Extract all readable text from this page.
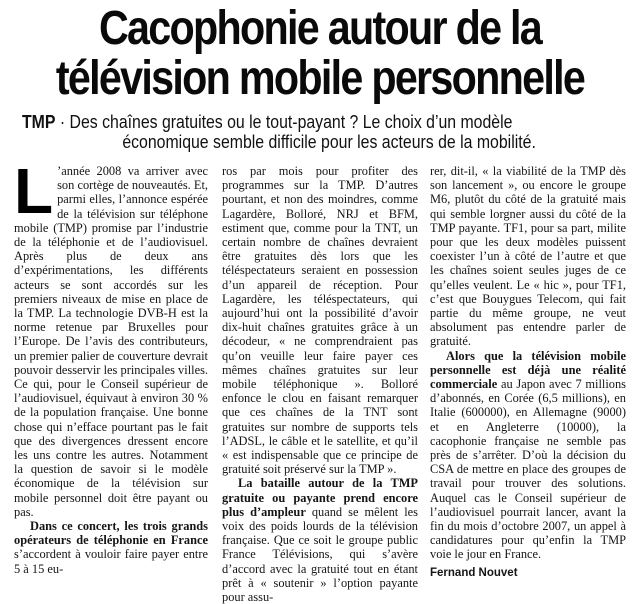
Cacophonie autour de la
télévision mobile personnelle
TMP · Des chaînes gratuites ou le tout-payant ? Le choix d’un modèle
économique semble difficile pour les acteurs de la mobilité.

L ’année 2008 va arriver avec son cortège de nouveautés. Et, parmi elles, l’annonce espérée de la télévision sur téléphone mobile (TMP) promise par l’industrie de la téléphonie et de l’audiovisuel. Après plus de deux ans d’expérimentations, les différents acteurs se sont accordés sur les premiers niveaux de mise en place de la TMP. La technologie DVB-H est la norme retenue par Bruxelles pour l’Europe. De l’avis des contributeurs, un premier palier de couverture devrait pouvoir desservir les principales villes. Ce qui, pour le Conseil supérieur de l’audiovisuel, équivaut à environ 30 % de la population française. Une bonne chose qui n’efface pourtant pas le fait que des divergences dressent encore les uns contre les autres. Notamment la question de savoir si le modèle économique de la télévision sur mobile personnel doit être payant ou pas.

Dans ce concert, les trois grands opérateurs de téléphonie en France s’accordent à vouloir faire payer entre 5 à 15 eu-

ros par mois pour profiter des programmes sur la TMP. D’autres pourtant, et non des moindres, comme Lagardère, Bolloré, NRJ et BFM, estiment que, comme pour la TNT, un certain nombre de chaînes devraient être gratuites dès lors que les téléspectateurs seraient en possession d’un appareil de réception. Pour Lagardère, les téléspectateurs, qui aujourd’hui ont la possibilité d’avoir dix-huit chaînes gratuites grâce à un décodeur, « ne comprendraient pas qu’on veuille leur faire payer ces mêmes chaînes gratuites sur leur mobile téléphonique ». Bolloré enfonce le clou en faisant remarquer que ces chaînes de la TNT sont gratuites sur nombre de supports tels l’ADSL, le câble et le satellite, et qu’il « est indispensable que ce principe de gratuité soit préservé sur la TMP ».

La bataille autour de la TMP gratuite ou payante prend encore plus d’ampleur quand se mêlent les voix des poids lourds de la télévision française. Que ce soit le groupe public France Télévisions, qui s’avère d’accord avec la gratuité tout en étant prêt à « soutenir » l’option payante pour assu-

rer, dit-il, « la viabilité de la TMP dès son lancement », ou encore le groupe M6, plutôt du côté de la gratuité mais qui semble lorgner aussi du côté de la TMP payante. TF1, pour sa part, milite pour que les deux modèles puissent coexister l’un à côté de l’autre et que les chaînes soient seules juges de ce qu’elles veulent. Le « hic », pour TF1, c’est que Bouygues Telecom, qui fait partie du même groupe, ne veut absolument pas entendre parler de gratuité.

Alors que la télévision mobile personnelle est déjà une réalité commerciale au Japon avec 7 millions d’abonnés, en Corée (6,5 millions), en Italie (600000), en Allemagne (9000) et en Angleterre (10000), la cacophonie française ne semble pas près de s’arrêter. D’où la décision du CSA de mettre en place des groupes de travail pour trouver des solutions. Auquel cas le Conseil supérieur de l’audiovisuel pourrait lancer, avant la fin du mois d’octobre 2007, un appel à candidatures pour qu’enfin la TMP voie le jour en France.

Fernand Nouvet
